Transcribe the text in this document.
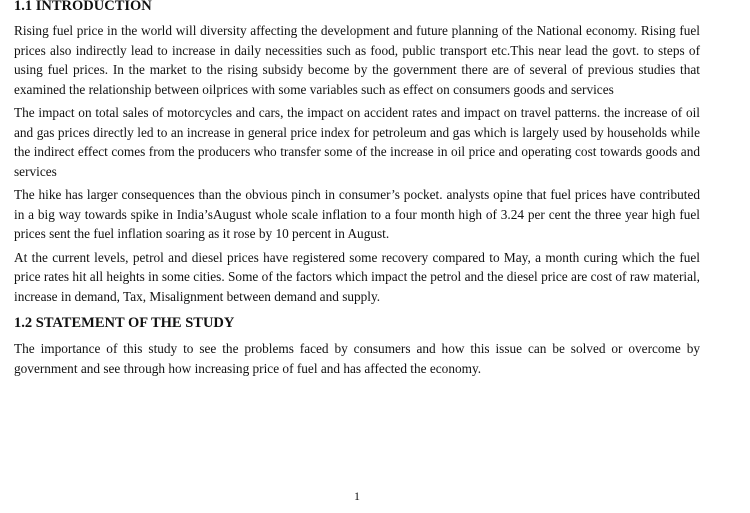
1.1 INTRODUCTION

Rising fuel price in the world will diversity affecting the development and future planning of the National economy. Rising fuel prices also indirectly lead to increase in daily necessities such as food, public transport etc.This near lead the govt. to steps of using fuel prices. In the market to the rising subsidy become by the government there are of several of previous studies that examined the relationship between oilprices with some variables such as effect on consumers goods and services

The impact on total sales of motorcycles and cars, the impact on accident rates and impact on travel patterns. the increase of oil and gas prices directly led to an increase in general price index for petroleum and gas which is largely used by households while the indirect effect comes from the producers who transfer some of the increase in oil price and operating cost towards goods and services

The hike has larger consequences than the obvious pinch in consumer’s pocket. analysts opine that fuel prices have contributed in a big way towards spike in India’sAugust whole scale inflation to a four month high of 3.24 per cent the three year high fuel prices sent the fuel inflation soaring as it rose by 10 percent in August.

At the current levels, petrol and diesel prices have registered some recovery compared to May, a month curing which the fuel price rates hit all heights in some cities. Some of the factors which impact the petrol and the diesel price are cost of raw material, increase in demand, Tax, Misalignment between demand and supply.

1.2 STATEMENT OF THE STUDY

The importance of this study to see the problems faced by consumers and how this issue can be solved or overcome by government and see through how increasing price of fuel and has affected the economy.

1
